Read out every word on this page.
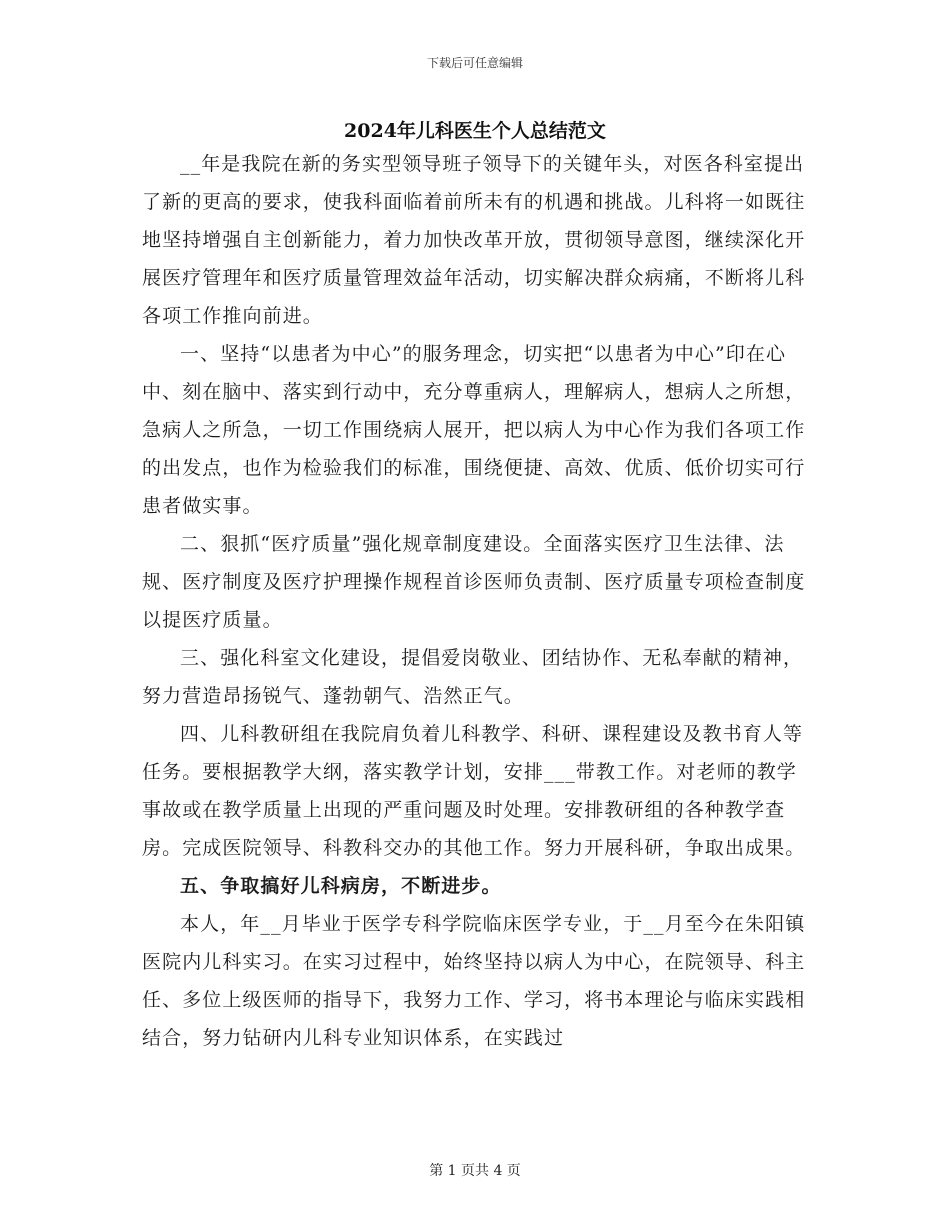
下载后可任意编辑
2024年儿科医生个人总结范文

__年是我院在新的务实型领导班子领导下的关键年头，对医各科室提出了新的更高的要求，使我科面临着前所未有的机遇和挑战。儿科将一如既往地坚持增强自主创新能力，着力加快改革开放，贯彻领导意图，继续深化开展医疗管理年和医疗质量管理效益年活动，切实解决群众病痛，不断将儿科各项工作推向前进。

一、坚持“以患者为中心”的服务理念，切实把“以患者为中心”印在心中、刻在脑中、落实到行动中，充分尊重病人，理解病人，想病人之所想，急病人之所急，一切工作围绕病人展开，把以病人为中心作为我们各项工作的出发点，也作为检验我们的标准，围绕便捷、高效、优质、低价切实可行患者做实事。

二、狠抓“医疗质量”强化规章制度建设。全面落实医疗卫生法律、法规、医疗制度及医疗护理操作规程首诊医师负责制、医疗质量专项检查制度以提医疗质量。

三、强化科室文化建设，提倡爱岗敬业、团结协作、无私奉献的精神，努力营造昂扬锐气、蓬勃朝气、浩然正气。

四、儿科教研组在我院肩负着儿科教学、科研、课程建设及教书育人等任务。要根据教学大纲，落实教学计划，安排___带教工作。对老师的教学事故或在教学质量上出现的严重问题及时处理。安排教研组的各种教学查房。完成医院领导、科教科交办的其他工作。努力开展科研，争取出成果。

五、争取搞好儿科病房，不断进步。

本人，年__月毕业于医学专科学院临床医学专业，于__月至今在朱阳镇医院内儿科实习。在实习过程中，始终坚持以病人为中心，在院领导、科主任、多位上级医师的指导下，我努力工作、学习，将书本理论与临床实践相结合，努力钻研内儿科专业知识体系，在实践过

第 1 页共 4 页
